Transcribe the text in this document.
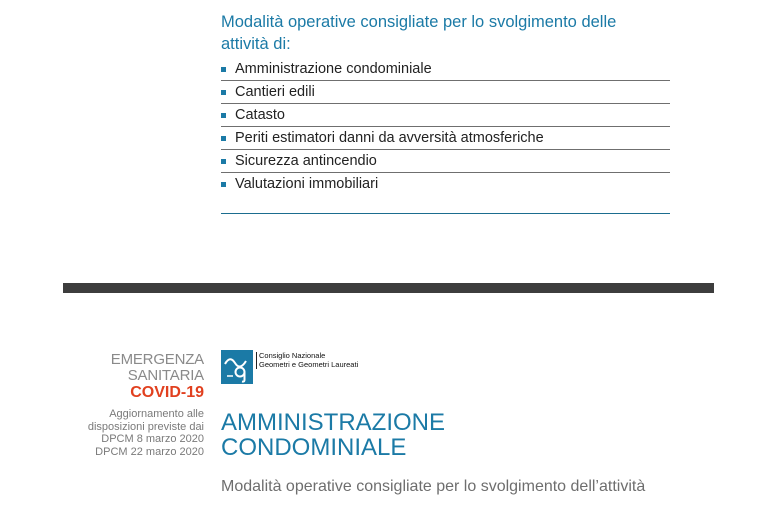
Modalità operative consigliate per lo svolgimento delle
attività di:
Amministrazione condominiale
Cantieri edili
Catasto
Periti estimatori danni da avversità atmosferiche
Sicurezza antincendio
Valutazioni immobiliari
EMERGENZA
SANITARIA
COVID-19
Aggiornamento alle
disposizioni previste dai
DPCM 8 marzo 2020
DPCM 22 marzo 2020
Consiglio Nazionale
Geometri e Geometri Laureati
AMMINISTRAZIONE
CONDOMINIALE
Modalità operative consigliate per lo svolgimento dell’attività
